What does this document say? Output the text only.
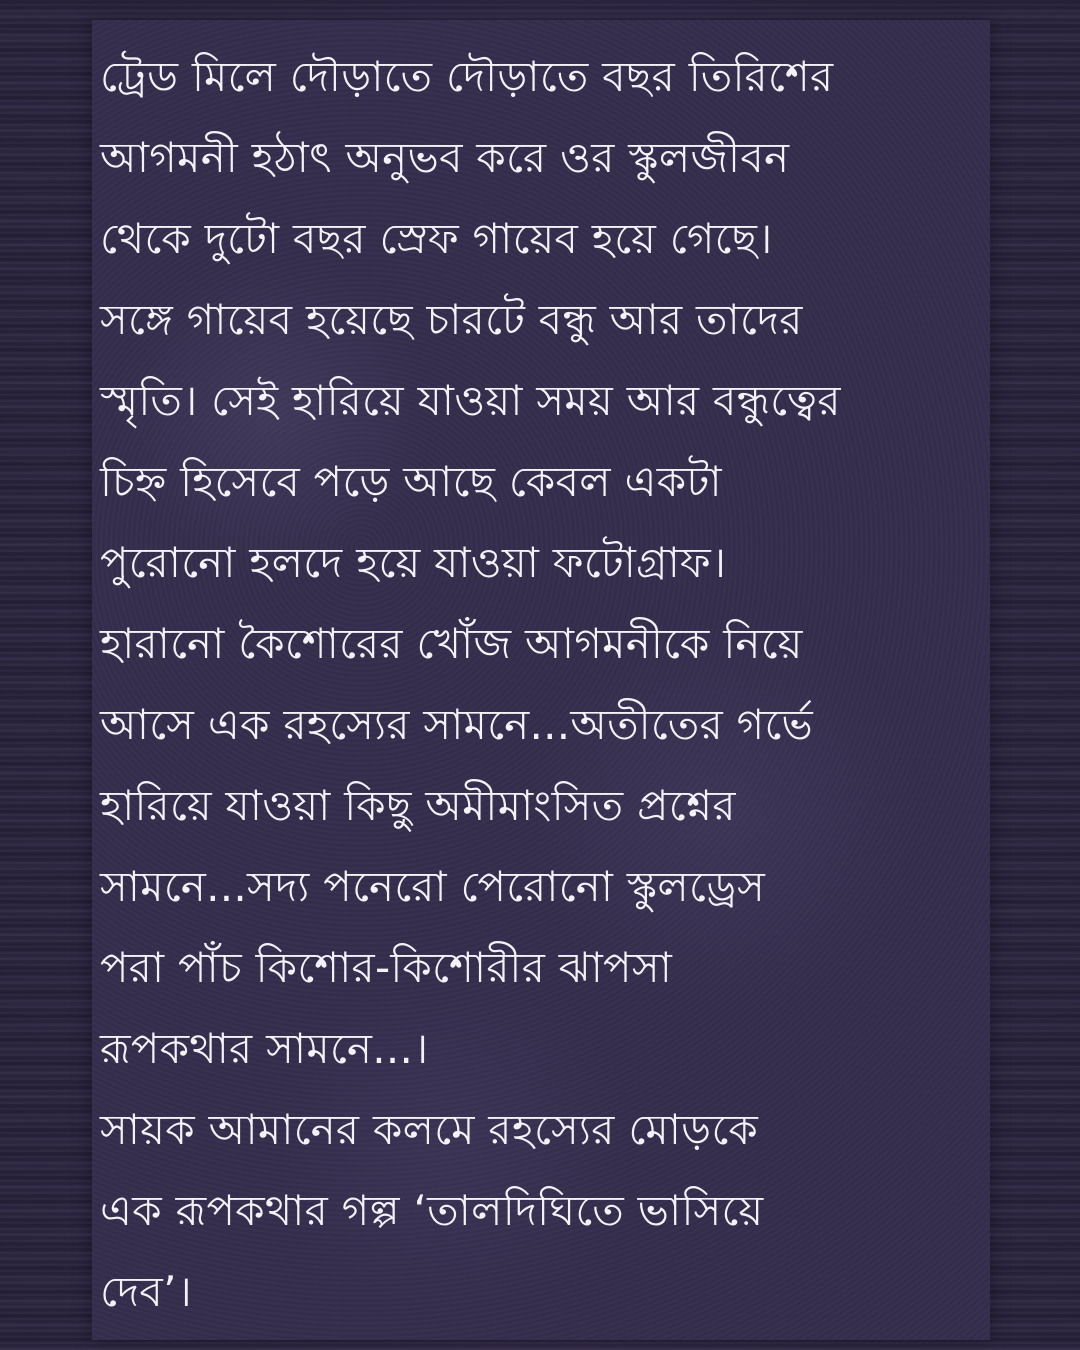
ট্রেড মিলে দৌড়াতে দৌড়াতে বছর তিরিশের
আগমনী হঠাৎ অনুভব করে ওর স্কুলজীবন
থেকে দুটো বছর স্রেফ গায়েব হয়ে গেছে।
সঙ্গে গায়েব হয়েছে চারটে বন্ধু আর তাদের
স্মৃতি। সেই হারিয়ে যাওয়া সময় আর বন্ধুত্বের
চিহ্ন হিসেবে পড়ে আছে কেবল একটা
পুরোনো হলদে হয়ে যাওয়া ফটোগ্রাফ।
হারানো কৈশোরের খোঁজ আগমনীকে নিয়ে
আসে এক রহস্যের সামনে...অতীতের গর্ভে
হারিয়ে যাওয়া কিছু অমীমাংসিত প্রশ্নের
সামনে...সদ্য পনেরো পেরোনো স্কুলড্রেস
পরা পাঁচ কিশোর-কিশোরীর ঝাপসা
রূপকথার সামনে...।
সায়ক আমানের কলমে রহস্যের মোড়কে
এক রূপকথার গল্প ‘তালদিঘিতে ভাসিয়ে
দেব’।
